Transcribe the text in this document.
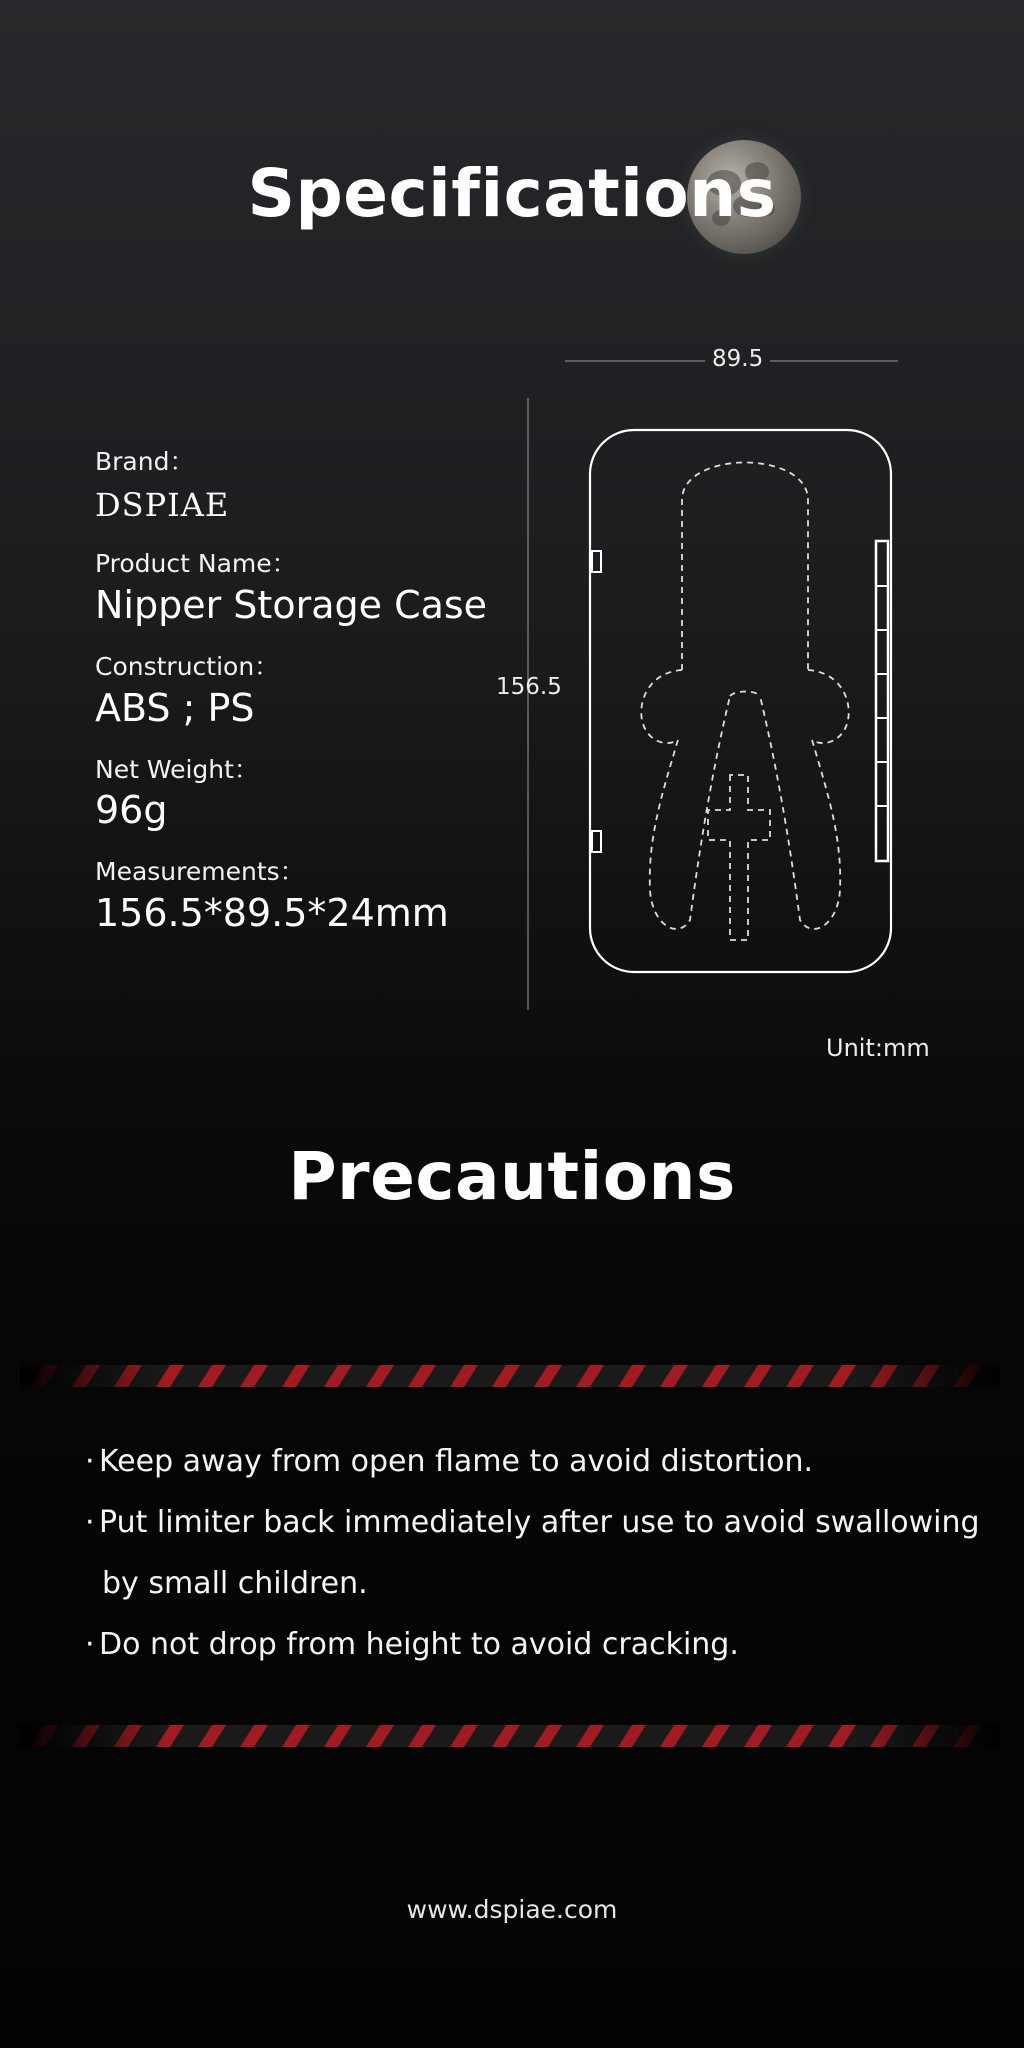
Specifications
Brand：
DSPIAE
Product Name：
Nipper Storage Case
Construction：
ABS ; PS
Net Weight：
96g
Measurements：
156.5*89.5*24mm
89.5
156.5
Unit:mm
Precautions
· Keep away from open flame to avoid distortion.
· Put limiter back immediately after use to avoid swallowing
by small children.
· Do not drop from height to avoid cracking.
www.dspiae.com
